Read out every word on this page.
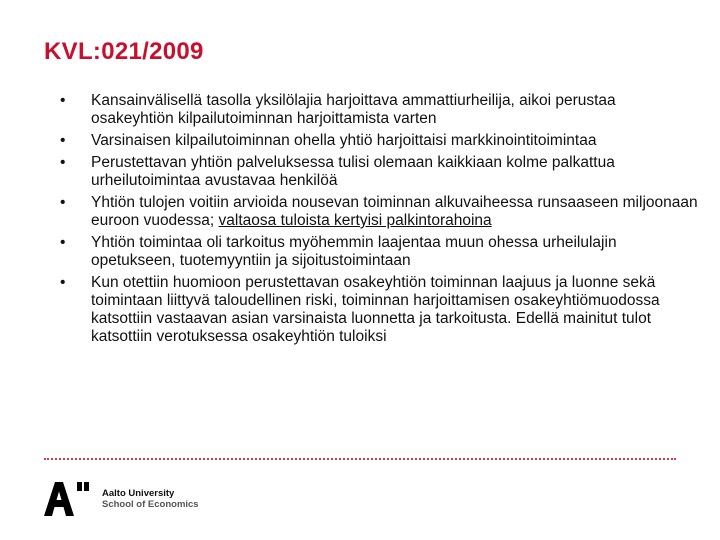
KVL:021/2009
• Kansainvälisellä tasolla yksilölajia harjoittava ammattiurheilija, aikoi perustaa osakeyhtiön kilpailutoiminnan harjoittamista varten
• Varsinaisen kilpailutoiminnan ohella yhtiö harjoittaisi markkinointitoimintaa
• Perustettavan yhtiön palveluksessa tulisi olemaan kaikkiaan kolme palkattua urheilutoimintaa avustavaa henkilöä
• Yhtiön tulojen voitiin arvioida nousevan toiminnan alkuvaiheessa runsaaseen miljoonaan euroon vuodessa; valtaosa tuloista kertyisi palkintorahoina
• Yhtiön toimintaa oli tarkoitus myöhemmin laajentaa muun ohessa urheilulajin opetukseen, tuotemyyntiin ja sijoitustoimintaan
• Kun otettiin huomioon perustettavan osakeyhtiön toiminnan laajuus ja luonne sekä toimintaan liittyvä taloudellinen riski, toiminnan harjoittamisen osakeyhtiömuodossa katsottiin vastaavan asian varsinaista luonnetta ja tarkoitusta. Edellä mainitut tulot katsottiin verotuksessa osakeyhtiön tuloiksi
Aalto University
School of Economics
